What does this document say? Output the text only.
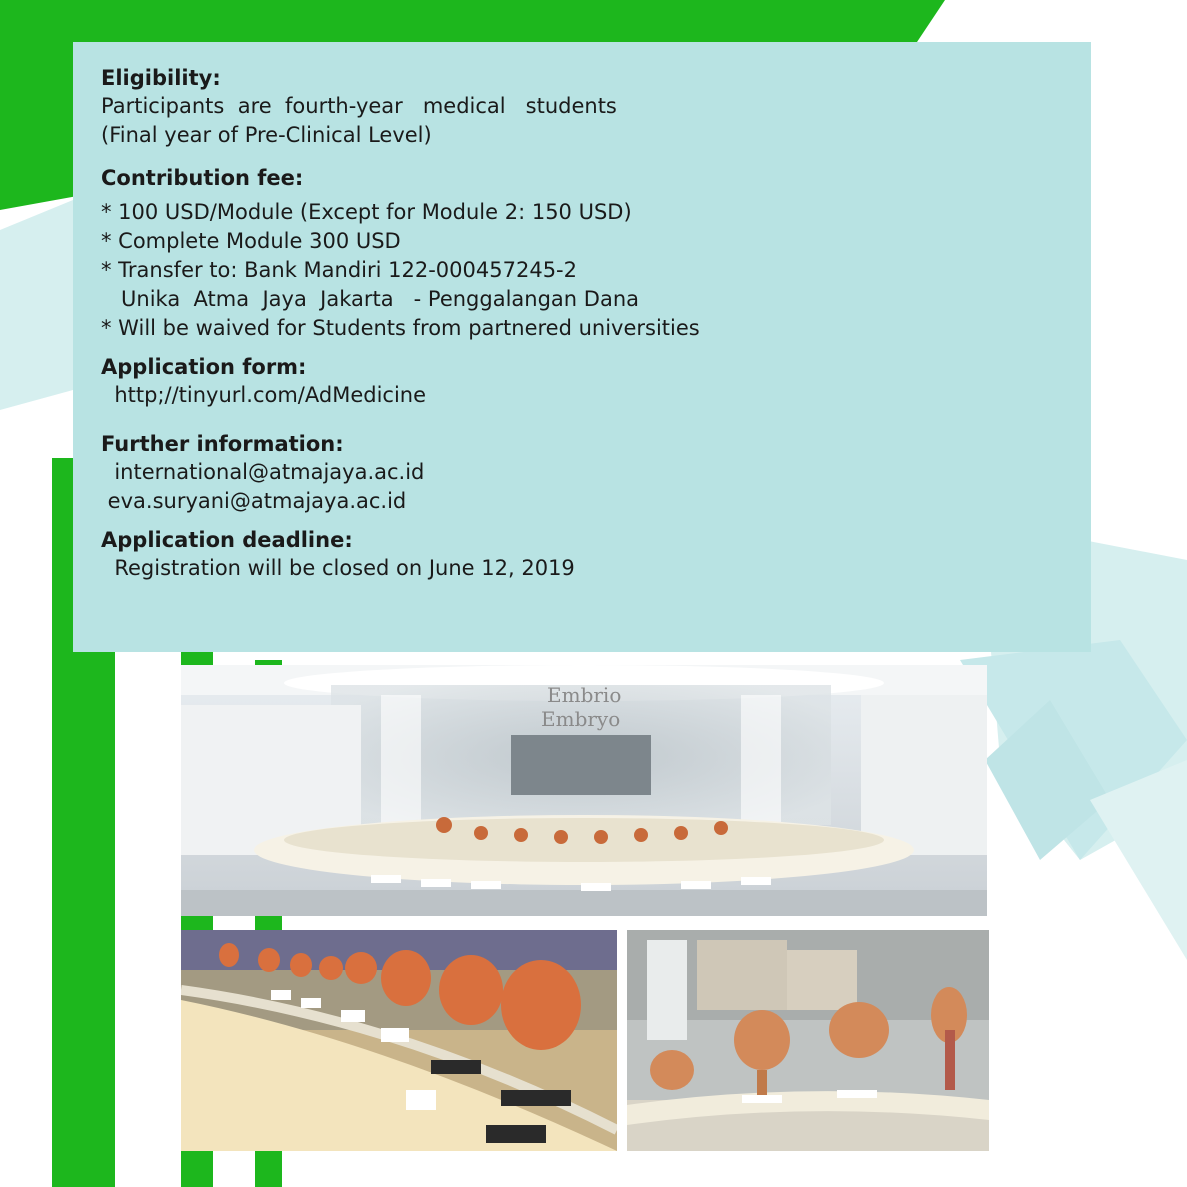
Eligibility:

Participants  are  fourth-year   medical   students

(Final year of Pre-Clinical Level)

Contribution fee:

* 100 USD/Module (Except for Module 2: 150 USD)

* Complete Module 300 USD

* Transfer to: Bank Mandiri 122-000457245-2

Unika  Atma  Jaya  Jakarta   - Penggalangan Dana

* Will be waived for Students from partnered universities

Application form:

http;//tinyurl.com/AdMedicine

Further information:

international@atmajaya.ac.id

eva.suryani@atmajaya.ac.id

Application deadline:

Registration will be closed on June 12, 2019

Embrio
Embryo
